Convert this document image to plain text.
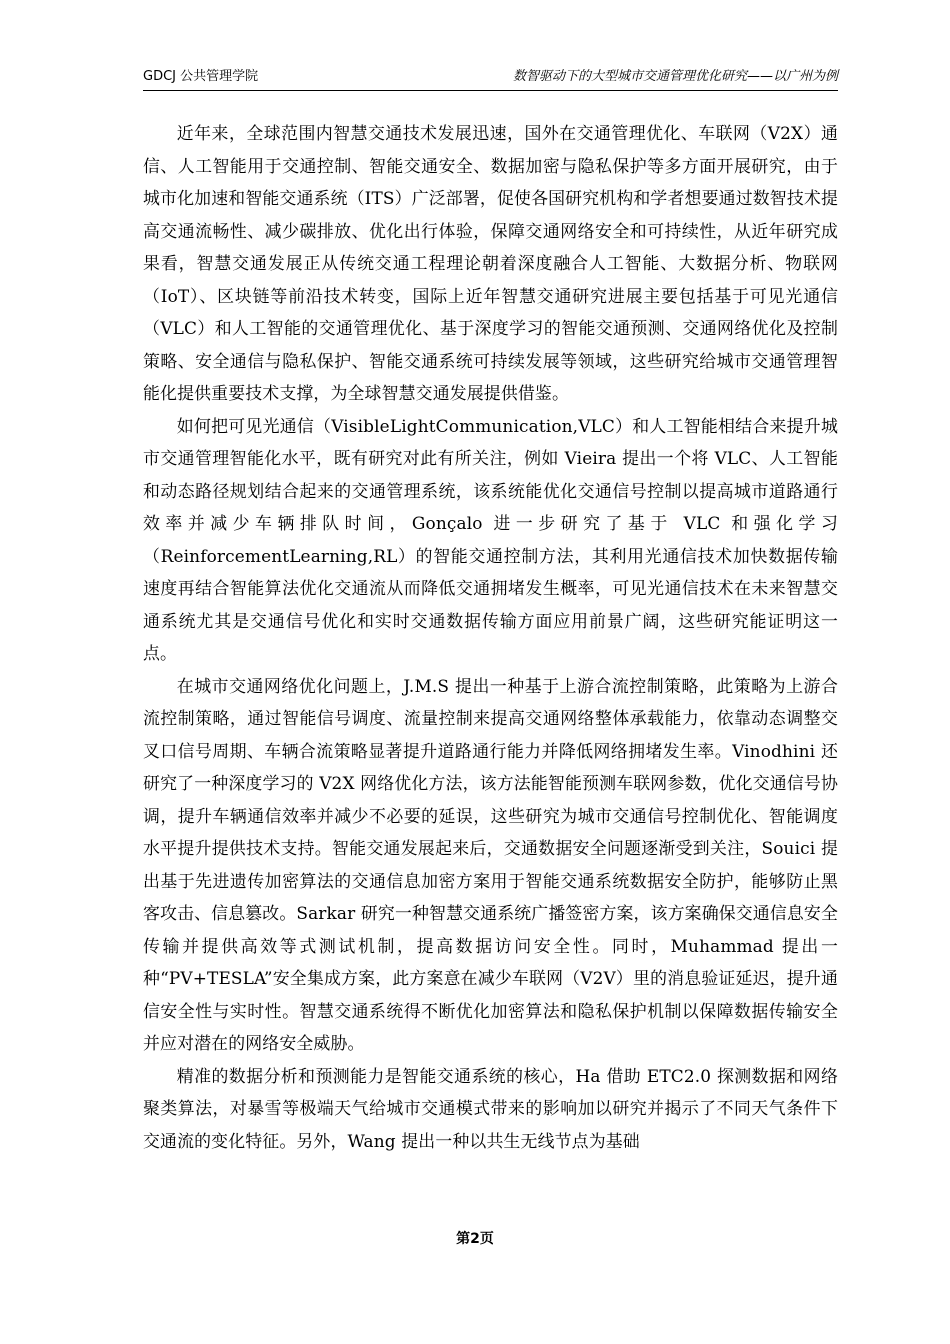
GDCJ 公共管理学院	数智驱动下的大型城市交通管理优化研究——以广州为例

近年来，全球范围内智慧交通技术发展迅速，国外在交通管理优化、车联网（V2X）通信、人工智能用于交通控制、智能交通安全、数据加密与隐私保护等多方面开展研究，由于城市化加速和智能交通系统（ITS）广泛部署，促使各国研究机构和学者想要通过数智技术提高交通流畅性、减少碳排放、优化出行体验，保障交通网络安全和可持续性，从近年研究成果看，智慧交通发展正从传统交通工程理论朝着深度融合人工智能、大数据分析、物联网（IoT）、区块链等前沿技术转变，国际上近年智慧交通研究进展主要包括基于可见光通信（VLC）和人工智能的交通管理优化、基于深度学习的智能交通预测、交通网络优化及控制策略、安全通信与隐私保护、智能交通系统可持续发展等领域，这些研究给城市交通管理智能化提供重要技术支撑，为全球智慧交通发展提供借鉴。

如何把可见光通信（VisibleLightCommunication,VLC）和人工智能相结合来提升城市交通管理智能化水平，既有研究对此有所关注，例如 Vieira 提出一个将 VLC、人工智能和动态路径规划结合起来的交通管理系统，该系统能优化交通信号控制以提高城市道路通行效率并减少车辆排队时间，Gonçalo 进一步研究了基于 VLC 和强化学习（ReinforcementLearning,RL）的智能交通控制方法，其利用光通信技术加快数据传输速度再结合智能算法优化交通流从而降低交通拥堵发生概率，可见光通信技术在未来智慧交通系统尤其是交通信号优化和实时交通数据传输方面应用前景广阔，这些研究能证明这一点。

在城市交通网络优化问题上，J.M.S 提出一种基于上游合流控制策略，此策略为上游合流控制策略，通过智能信号调度、流量控制来提高交通网络整体承载能力，依靠动态调整交叉口信号周期、车辆合流策略显著提升道路通行能力并降低网络拥堵发生率。Vinodhini 还研究了一种深度学习的 V2X 网络优化方法，该方法能智能预测车联网参数，优化交通信号协调，提升车辆通信效率并减少不必要的延误，这些研究为城市交通信号控制优化、智能调度水平提升提供技术支持。智能交通发展起来后，交通数据安全问题逐渐受到关注，Souici 提出基于先进遗传加密算法的交通信息加密方案用于智能交通系统数据安全防护，能够防止黑客攻击、信息篡改。Sarkar 研究一种智慧交通系统广播签密方案，该方案确保交通信息安全传输并提供高效等式测试机制，提高数据访问安全性。同时，Muhammad 提出一种“PV+TESLA”安全集成方案，此方案意在减少车联网（V2V）里的消息验证延迟，提升通信安全性与实时性。智慧交通系统得不断优化加密算法和隐私保护机制以保障数据传输安全并应对潜在的网络安全威胁。

精准的数据分析和预测能力是智能交通系统的核心，Ha 借助 ETC2.0 探测数据和网络聚类算法，对暴雪等极端天气给城市交通模式带来的影响加以研究并揭示了不同天气条件下交通流的变化特征。另外，Wang 提出一种以共生无线节点为基础

第2页
